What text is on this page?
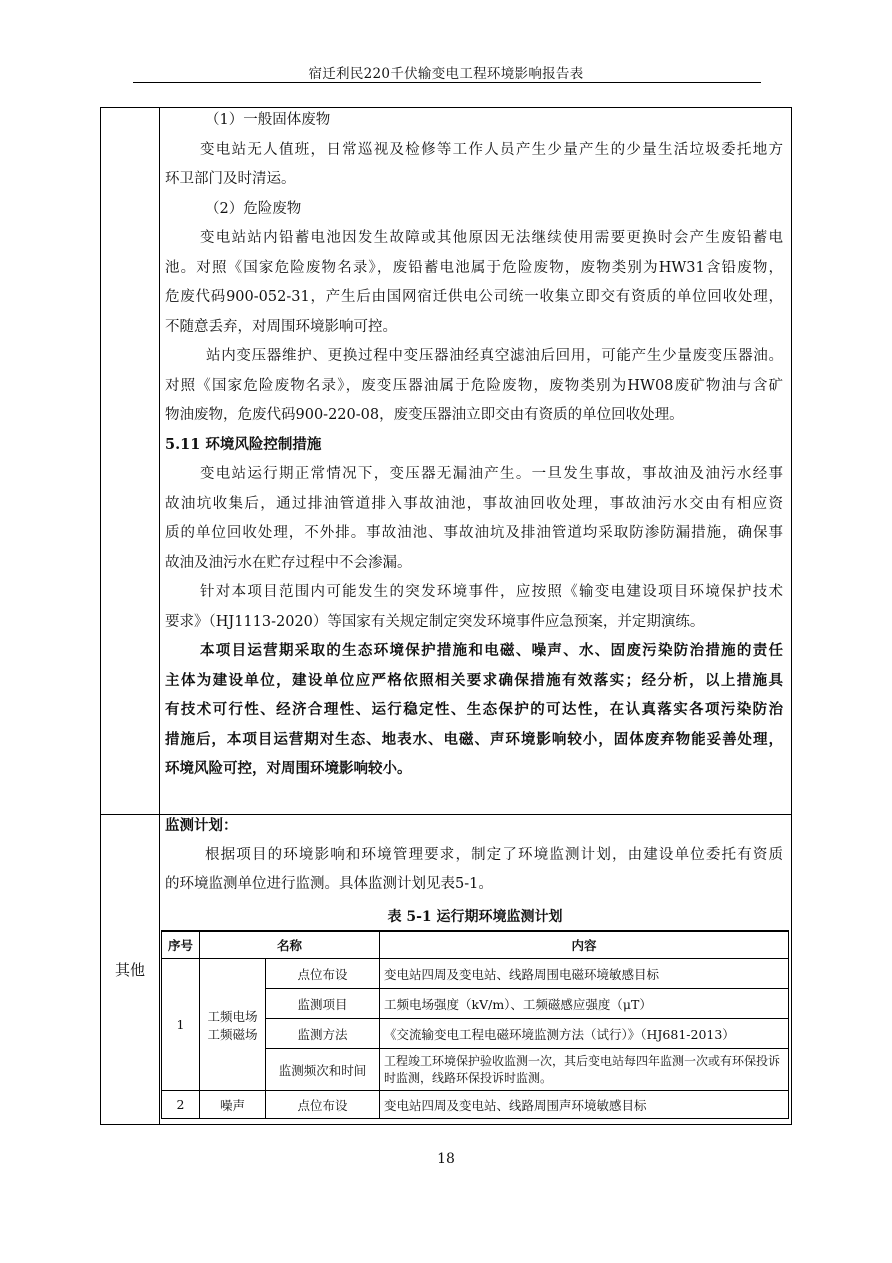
宿迁利民220千伏输变电工程环境影响报告表
其他
（1）一般固体废物
变电站无人值班，日常巡视及检修等工作人员产生少量产生的少量生活垃圾委托地方
环卫部门及时清运。
（2）危险废物
变电站站内铅蓄电池因发生故障或其他原因无法继续使用需要更换时会产生废铅蓄电
池。对照《国家危险废物名录》，废铅蓄电池属于危险废物，废物类别为HW31含铅废物，
危废代码900-052-31，产生后由国网宿迁供电公司统一收集立即交有资质的单位回收处理，
不随意丢弃，对周围环境影响可控。
站内变压器维护、更换过程中变压器油经真空滤油后回用，可能产生少量废变压器油。
对照《国家危险废物名录》，废变压器油属于危险废物，废物类别为HW08废矿物油与含矿
物油废物，危废代码900-220-08，废变压器油立即交由有资质的单位回收处理。
5.11 环境风险控制措施
变电站运行期正常情况下，变压器无漏油产生。一旦发生事故，事故油及油污水经事
故油坑收集后，通过排油管道排入事故油池，事故油回收处理，事故油污水交由有相应资
质的单位回收处理，不外排。事故油池、事故油坑及排油管道均采取防渗防漏措施，确保事
故油及油污水在贮存过程中不会渗漏。
针对本项目范围内可能发生的突发环境事件，应按照《输变电建设项目环境保护技术
要求》（HJ1113-2020）等国家有关规定制定突发环境事件应急预案，并定期演练。
本项目运营期采取的生态环境保护措施和电磁、噪声、水、固废污染防治措施的责任
主体为建设单位，建设单位应严格依照相关要求确保措施有效落实；经分析，以上措施具
有技术可行性、经济合理性、运行稳定性、生态保护的可达性，在认真落实各项污染防治
措施后，本项目运营期对生态、地表水、电磁、声环境影响较小，固体废弃物能妥善处理，
环境风险可控，对周围环境影响较小。
监测计划：
根据项目的环境影响和环境管理要求，制定了环境监测计划，由建设单位委托有资质
的环境监测单位进行监测。具体监测计划见表5-1。
表 5-1 运行期环境监测计划
序号	名称		内容
1	工频电场
工频磁场	点位布设	变电站四周及变电站、线路周围电磁环境敏感目标
		监测项目	工频电场强度（kV/m）、工频磁感应强度（μT）
		监测方法	《交流输变电工程电磁环境监测方法（试行）》（HJ681-2013）
		监测频次和时间	工程竣工环境保护验收监测一次，其后变电站每四年监测一次或有环保投诉时监测，线路环保投诉时监测。
2	噪声	点位布设	变电站四周及变电站、线路周围声环境敏感目标
18
